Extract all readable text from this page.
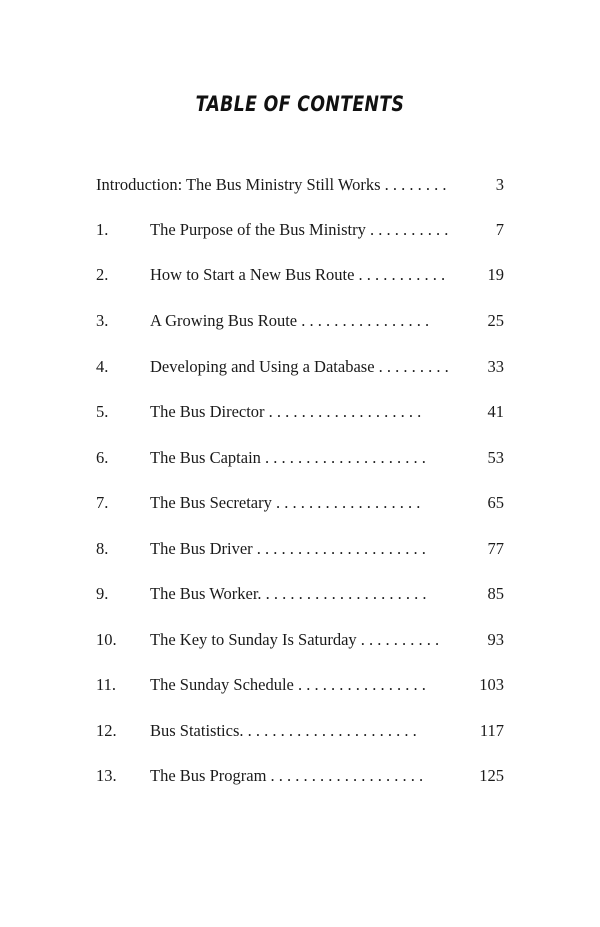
TABLE OF CONTENTS
Introduction: The Bus Ministry Still Works . . . . . . . .	3
1.	The Purpose of the Bus Ministry . . . . . . . . . .	7
2.	How to Start a New Bus Route . . . . . . . . . . .	19
3.	A Growing Bus Route . . . . . . . . . . . . . . . .	25
4.	Developing and Using a Database . . . . . . . . . 33
5.	The Bus Director . . . . . . . . . . . . . . . . . . .	41
6.	The Bus Captain . . . . . . . . . . . . . . . . . . . .	53
7.	The Bus Secretary . . . . . . . . . . . . . . . . . .	65
8.	The Bus Driver . . . . . . . . . . . . . . . . . . . . .	77
9.	The Bus Worker. . . . . . . . . . . . . . . . . . . . .	85
10. The Key to Sunday Is Saturday . . . . . . . . . .	93
11. The Sunday Schedule . . . . . . . . . . . . . . . .	103
12. Bus Statistics. . . . . . . . . . . . . . . . . . . . . .	117
13. The Bus Program . . . . . . . . . . . . . . . . . . .	125
